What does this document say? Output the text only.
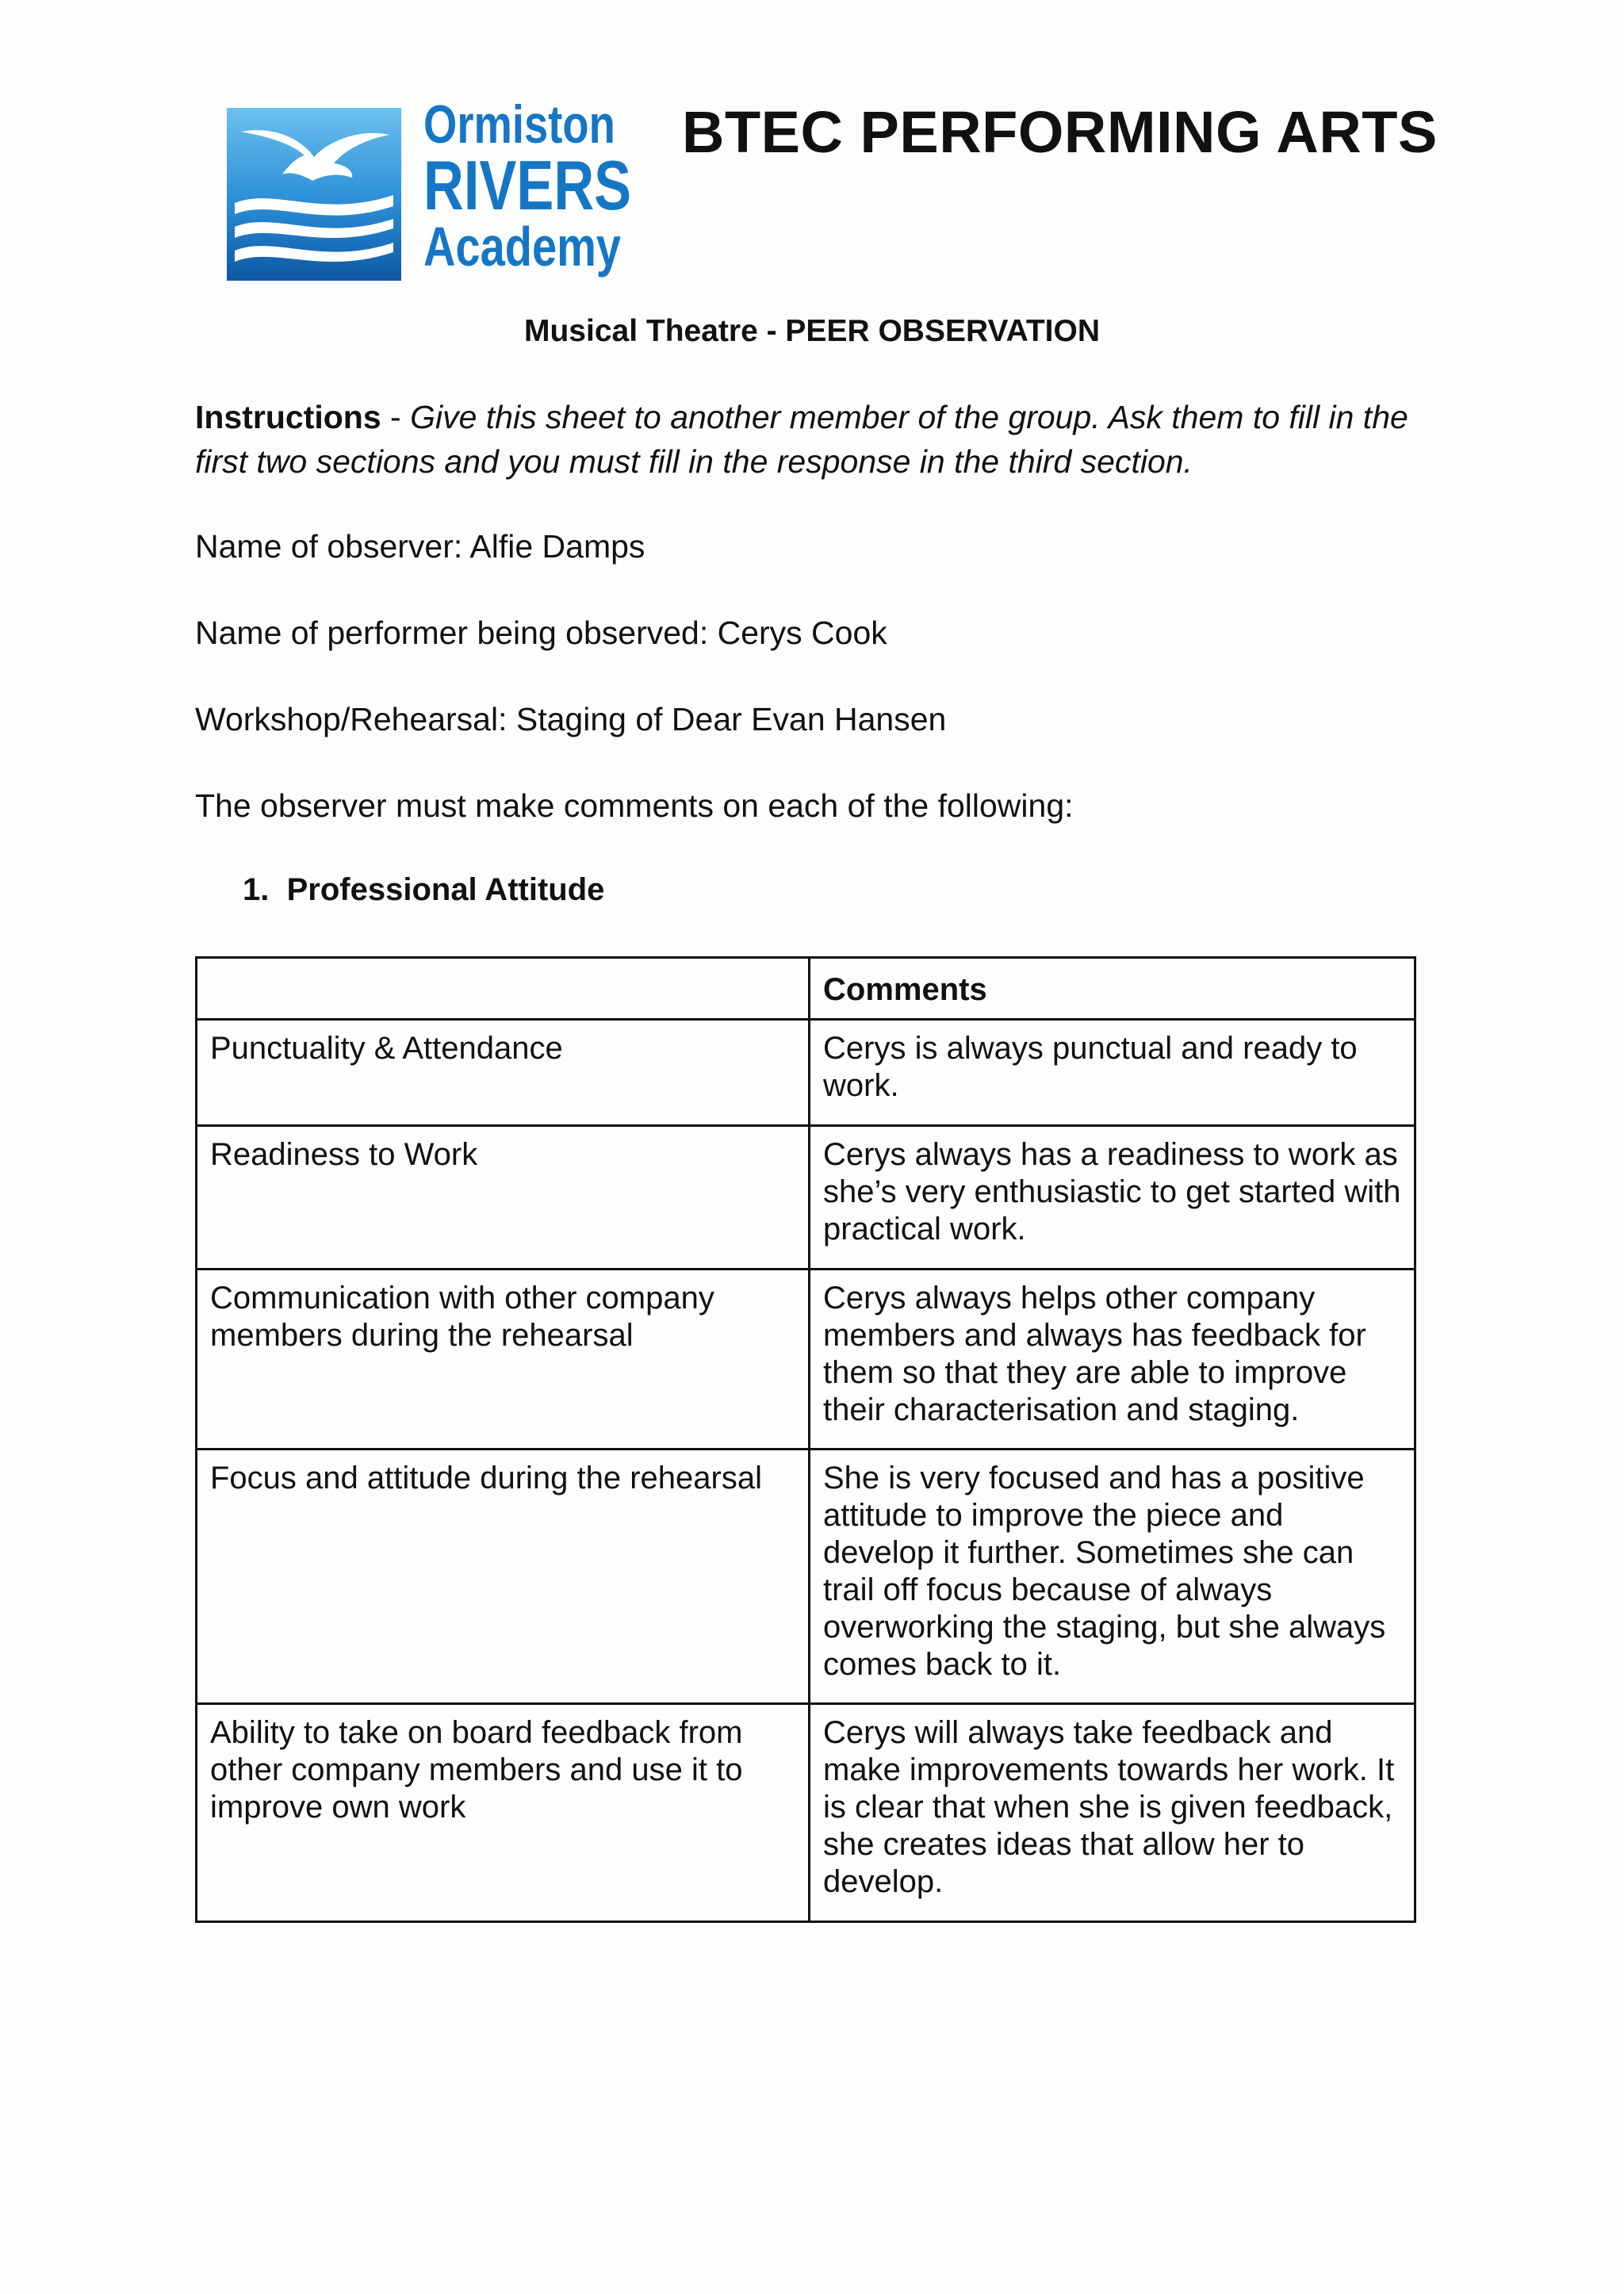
Ormiston
RIVERS
Academy
BTEC PERFORMING ARTS
Musical Theatre - PEER OBSERVATION

Instructions - Give this sheet to another member of the group. Ask them to fill in the first two sections and you must fill in the response in the third section.

Name of observer: Alfie Damps

Name of performer being observed: Cerys Cook

Workshop/Rehearsal: Staging of Dear Evan Hansen

The observer must make comments on each of the following:

1. Professional Attitude
	Comments
Punctuality & Attendance	Cerys is always punctual and ready to work.
Readiness to Work	Cerys always has a readiness to work as she’s very enthusiastic to get started with practical work.
Communication with other company members during the rehearsal	Cerys always helps other company members and always has feedback for them so that they are able to improve their characterisation and staging.
Focus and attitude during the rehearsal	She is very focused and has a positive attitude to improve the piece and develop it further. Sometimes she can trail off focus because of always overworking the staging, but she always comes back to it.
Ability to take on board feedback from other company members and use it to improve own work	Cerys will always take feedback and make improvements towards her work. It is clear that when she is given feedback, she creates ideas that allow her to develop.
